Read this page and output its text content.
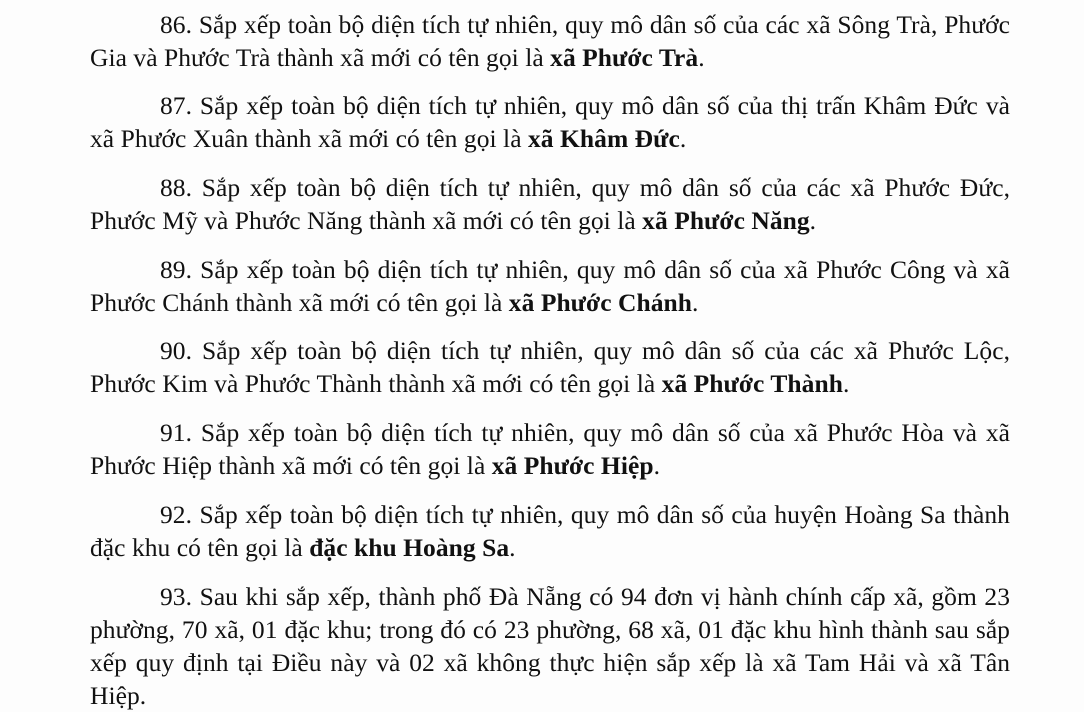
86. Sắp xếp toàn bộ diện tích tự nhiên, quy mô dân số của các xã Sông Trà, Phước Gia và Phước Trà thành xã mới có tên gọi là xã Phước Trà.

87. Sắp xếp toàn bộ diện tích tự nhiên, quy mô dân số của thị trấn Khâm Đức và xã Phước Xuân thành xã mới có tên gọi là xã Khâm Đức.

88. Sắp xếp toàn bộ diện tích tự nhiên, quy mô dân số của các xã Phước Đức, Phước Mỹ và Phước Năng thành xã mới có tên gọi là xã Phước Năng.

89. Sắp xếp toàn bộ diện tích tự nhiên, quy mô dân số của xã Phước Công và xã Phước Chánh thành xã mới có tên gọi là xã Phước Chánh.

90. Sắp xếp toàn bộ diện tích tự nhiên, quy mô dân số của các xã Phước Lộc, Phước Kim và Phước Thành thành xã mới có tên gọi là xã Phước Thành.

91. Sắp xếp toàn bộ diện tích tự nhiên, quy mô dân số của xã Phước Hòa và xã Phước Hiệp thành xã mới có tên gọi là xã Phước Hiệp.

92. Sắp xếp toàn bộ diện tích tự nhiên, quy mô dân số của huyện Hoàng Sa thành đặc khu có tên gọi là đặc khu Hoàng Sa.

93. Sau khi sắp xếp, thành phố Đà Nẵng có 94 đơn vị hành chính cấp xã, gồm 23 phường, 70 xã, 01 đặc khu; trong đó có 23 phường, 68 xã, 01 đặc khu hình thành sau sắp xếp quy định tại Điều này và 02 xã không thực hiện sắp xếp là xã Tam Hải và xã Tân Hiệp.
